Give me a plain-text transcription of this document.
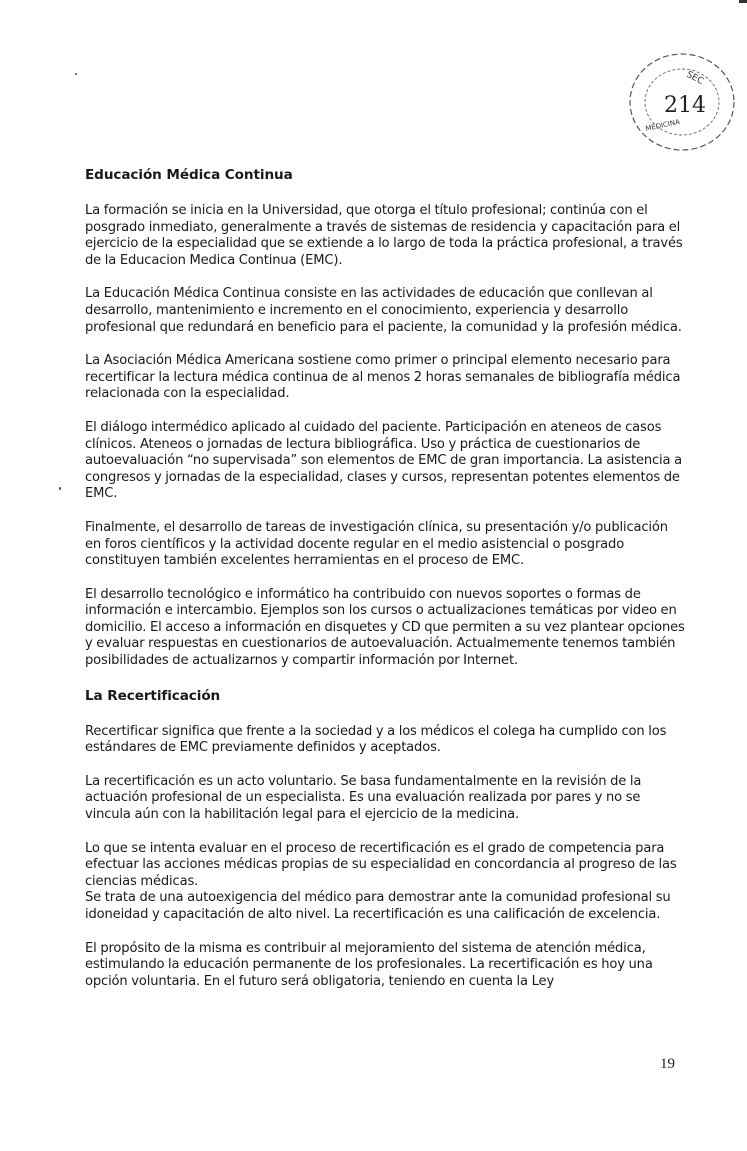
SEC
MEDICINA
214
Educación Médica Continua

La formación se inicia en la Universidad, que otorga el título profesional; continúa con el posgrado inmediato, generalmente a través de sistemas de residencia y capacitación para el ejercicio de la especialidad que se extiende a lo largo de toda la práctica profesional, a través de la Educacion Medica Continua (EMC).

La Educación Médica Continua consiste en las actividades de educación que conllevan al desarrollo, mantenimiento e incremento en el conocimiento, experiencia y desarrollo profesional que redundará en beneficio para el paciente, la comunidad y la profesión médica.

La Asociación Médica Americana sostiene como primer o principal elemento necesario para recertificar la lectura médica continua de al menos 2 horas semanales de bibliografía médica relacionada con la especialidad.

El diálogo intermédico aplicado al cuidado del paciente. Participación en ateneos de casos clínicos. Ateneos o jornadas de lectura bibliográfica. Uso y práctica de cuestionarios de autoevaluación “no supervisada” son elementos de EMC de gran importancia. La asistencia a congresos y jornadas de la especialidad, clases y cursos, representan potentes elementos de EMC.

Finalmente, el desarrollo de tareas de investigación clínica, su presentación y/o publicación en foros científicos y la actividad docente regular en el medio asistencial o posgrado constituyen también excelentes herramientas en el proceso de EMC.

El desarrollo tecnológico e informático ha contribuido con nuevos soportes o formas de información e intercambio. Ejemplos son los cursos o actualizaciones temáticas por video en domicilio. El acceso a información en disquetes y CD que permiten a su vez plantear opciones y evaluar respuestas en cuestionarios de autoevaluación. Actualmemente tenemos también posibilidades de actualizarnos y compartir información por Internet.

La Recertificación

Recertificar significa que frente a la sociedad y a los médicos el colega ha cumplido con los estándares de EMC previamente definidos y aceptados.

La recertificación es un acto voluntario. Se basa fundamentalmente en la revisión de la actuación profesional de un especialista. Es una evaluación realizada por pares y no se vincula aún con la habilitación legal para el ejercicio de la medicina.

Lo que se intenta evaluar en el proceso de recertificación es el grado de competencia para efectuar las acciones médicas propias de su especialidad en concordancia al progreso de las ciencias médicas.

Se trata de una autoexigencia del médico para demostrar ante la comunidad profesional su idoneidad y capacitación de alto nivel. La recertificación es una calificación de excelencia.

El propósito de la misma es contribuir al mejoramiento del sistema de atención médica, estimulando la educación permanente de los profesionales. La recertificación es hoy una opción voluntaria. En el futuro será obligatoria, teniendo en cuenta la Ley

19
